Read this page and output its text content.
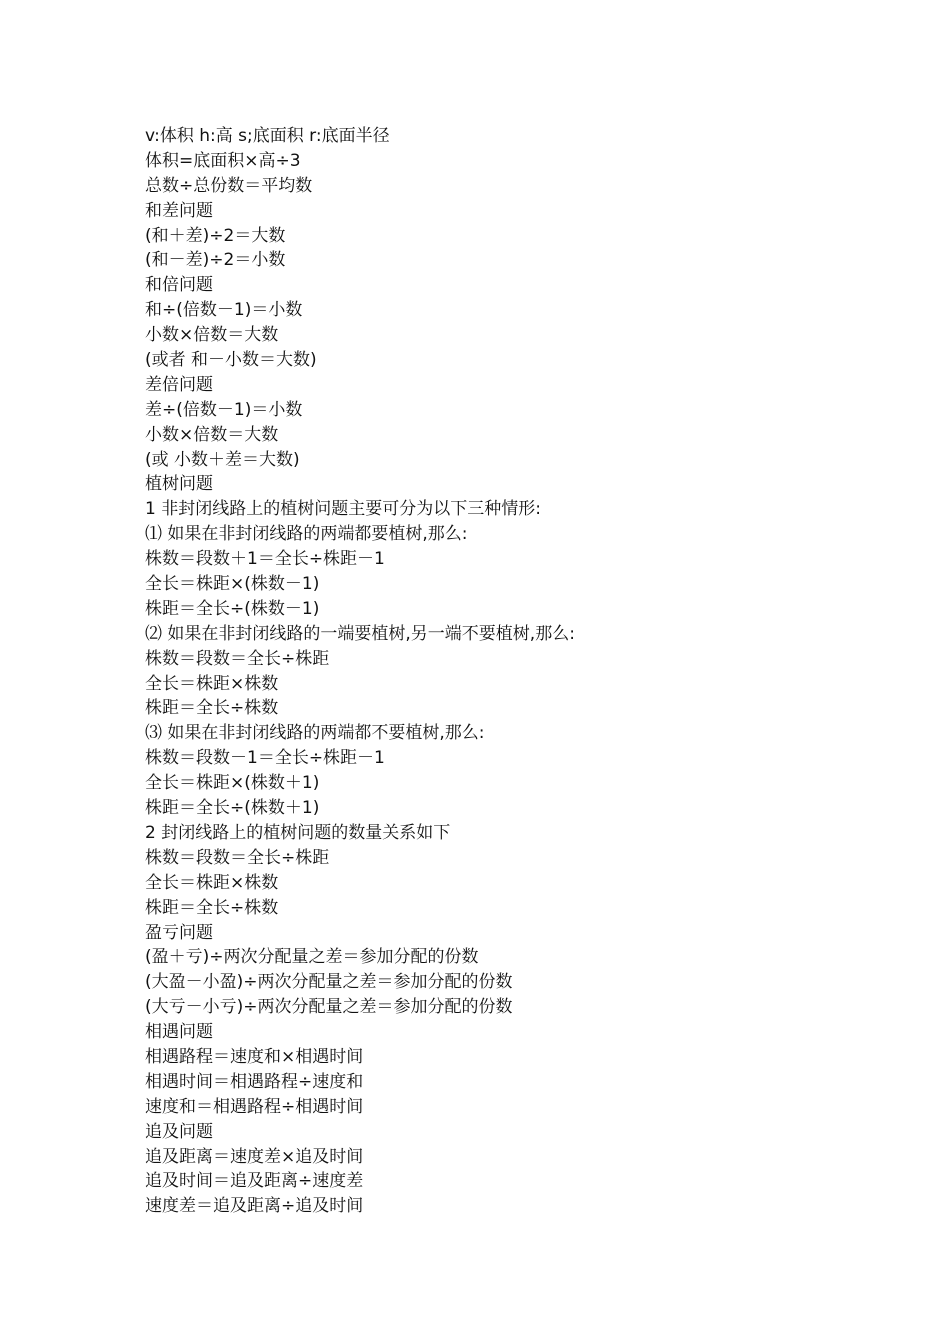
v:体积 h:高 s;底面积 r:底面半径

体积=底面积×高÷3

总数÷总份数＝平均数

和差问题

(和＋差)÷2＝大数

(和－差)÷2＝小数

和倍问题

和÷(倍数－1)＝小数

小数×倍数＝大数

(或者 和－小数＝大数)

差倍问题

差÷(倍数－1)＝小数

小数×倍数＝大数

(或 小数＋差＝大数)

植树问题

1 非封闭线路上的植树问题主要可分为以下三种情形:

⑴ 如果在非封闭线路的两端都要植树,那么:

株数＝段数＋1＝全长÷株距－1

全长＝株距×(株数－1)

株距＝全长÷(株数－1)

⑵ 如果在非封闭线路的一端要植树,另一端不要植树,那么:

株数＝段数＝全长÷株距

全长＝株距×株数

株距＝全长÷株数

⑶ 如果在非封闭线路的两端都不要植树,那么:

株数＝段数－1＝全长÷株距－1

全长＝株距×(株数＋1)

株距＝全长÷(株数＋1)

2 封闭线路上的植树问题的数量关系如下

株数＝段数＝全长÷株距

全长＝株距×株数

株距＝全长÷株数

盈亏问题

(盈＋亏)÷两次分配量之差＝参加分配的份数

(大盈－小盈)÷两次分配量之差＝参加分配的份数

(大亏－小亏)÷两次分配量之差＝参加分配的份数

相遇问题

相遇路程＝速度和×相遇时间

相遇时间＝相遇路程÷速度和

速度和＝相遇路程÷相遇时间

追及问题

追及距离＝速度差×追及时间

追及时间＝追及距离÷速度差

速度差＝追及距离÷追及时间
